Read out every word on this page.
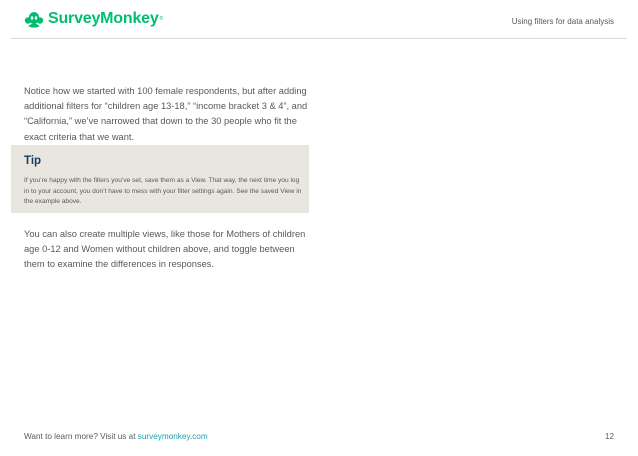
SurveyMonkey ®	Using filters for data analysis

Notice how we started with 100 female respondents, but after adding additional filters for “children age 13-18,” “income bracket 3 & 4”, and “California,” we’ve narrowed that down to the 30 people who fit the exact criteria that we want.

Tip

If you’re happy with the filters you’ve set, save them as a View. That way, the next time you log in to your account, you don’t have to mess with your filter settings again. See the saved View in the example above.

You can also create multiple views, like those for Mothers of children age 0-12 and Women without children above, and toggle between them to examine the differences in responses.

Want to learn more? Visit us at surveymonkey.com	12
